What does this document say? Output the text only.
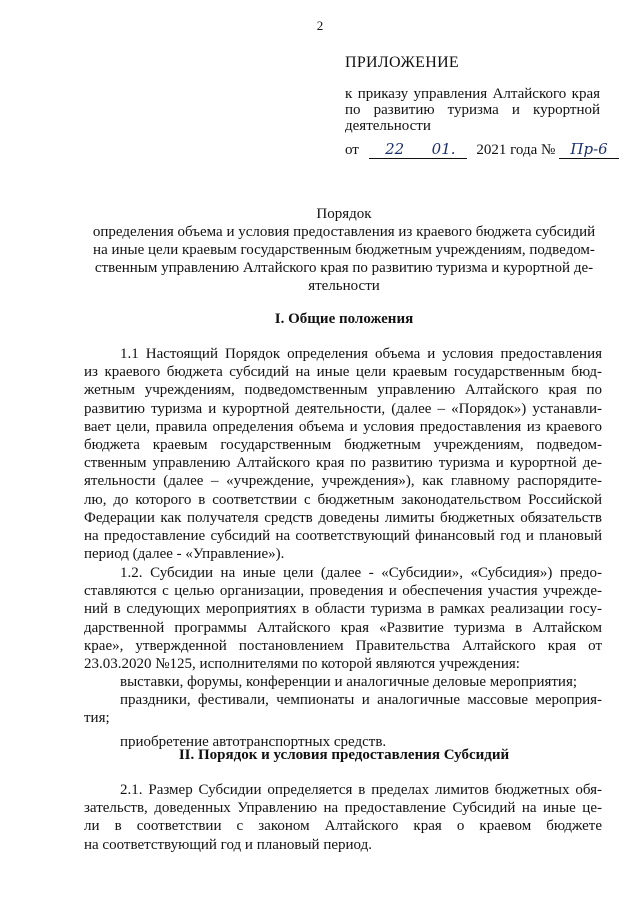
2
ПРИЛОЖЕНИЕ
к приказу управления Алтайского края
по развитию туризма и курортной
деятельности
от 22 01. 2021 года № Пр-6
Порядок
определения объема и условия предоставления из краевого бюджета субсидий
на иные цели краевым государственным бюджетным учреждениям, подведом-
ственным управлению Алтайского края по развитию туризма и курортной де-
ятельности
I. Общие положения
1.1 Настоящий Порядок определения объема и условия предоставления
из краевого бюджета субсидий на иные цели краевым государственным бюд-
жетным учреждениям, подведомственным управлению Алтайского края по
развитию туризма и курортной деятельности, (далее – «Порядок») устанавли-
вает цели, правила определения объема и условия предоставления из краевого
бюджета краевым государственным бюджетным учреждениям, подведом-
ственным управлению Алтайского края по развитию туризма и курортной де-
ятельности (далее – «учреждение, учреждения»), как главному распорядите-
лю, до которого в соответствии с бюджетным законодательством Российской
Федерации как получателя средств доведены лимиты бюджетных обязательств
на предоставление субсидий на соответствующий финансовый год и плановый
период (далее - «Управление»).
1.2. Субсидии на иные цели (далее - «Субсидии», «Субсидия») предо-
ставляются с целью организации, проведения и обеспечения участия учрежде-
ний в следующих мероприятиях в области туризма в рамках реализации госу-
дарственной программы Алтайского края «Развитие туризма в Алтайском
крае», утвержденной постановлением Правительства Алтайского края от
23.03.2020 №125, исполнителями по которой являются учреждения:
выставки, форумы, конференции и аналогичные деловые мероприятия;
праздники, фестивали, чемпионаты и аналогичные массовые мероприя-
тия;
приобретение автотранспортных средств.
II. Порядок и условия предоставления Субсидий
2.1. Размер Субсидии определяется в пределах лимитов бюджетных обя-
зательств, доведенных Управлению на предоставление Субсидий на иные це-
ли в соответствии с законом Алтайского края о краевом бюджете
на соответствующий год и плановый период.
